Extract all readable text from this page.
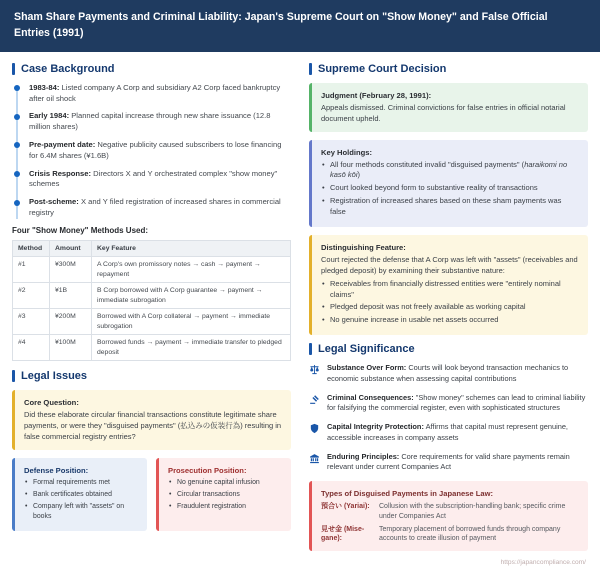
Sham Share Payments and Criminal Liability: Japan's Supreme Court on "Show Money" and False Official Entries (1991)
Case Background
1983-84: Listed company A Corp and subsidiary A2 Corp faced bankruptcy after oil shock
Early 1984: Planned capital increase through new share issuance (12.8 million shares)
Pre-payment date: Negative publicity caused subscribers to lose financing for 6.4M shares (¥1.6B)
Crisis Response: Directors X and Y orchestrated complex "show money" schemes
Post-scheme: X and Y filed registration of increased shares in commercial registry
Four "Show Money" Methods Used:
Method	Amount	Key Feature
#1	¥300M	A Corp's own promissory notes → cash → payment → repayment
#2	¥1B	B Corp borrowed with A Corp guarantee → payment → immediate subrogation
#3	¥200M	Borrowed with A Corp collateral → payment → immediate subrogation
#4	¥100M	Borrowed funds → payment → immediate transfer to pledged deposit
Legal Issues
Core Question:
Did these elaborate circular financial transactions constitute legitimate share payments, or were they "disguised payments" (払込みの仮装行為) resulting in false commercial registry entries?
Defense Position:
• Formal requirements met
• Bank certificates obtained
• Company left with "assets" on books
Prosecution Position:
• No genuine capital infusion
• Circular transactions
• Fraudulent registration
Supreme Court Decision
Judgment (February 28, 1991):
Appeals dismissed. Criminal convictions for false entries in official notarial document upheld.
Key Holdings:
• All four methods constituted invalid "disguised payments" (haraikomi no kasō kōi)
• Court looked beyond form to substantive reality of transactions
• Registration of increased shares based on these sham payments was false
Distinguishing Feature:
Court rejected the defense that A Corp was left with "assets" (receivables and pledged deposit) by examining their substantive nature:
• Receivables from financially distressed entities were "entirely nominal claims"
• Pledged deposit was not freely available as working capital
• No genuine increase in usable net assets occurred
Legal Significance
Substance Over Form: Courts will look beyond transaction mechanics to economic substance when assessing capital contributions
Criminal Consequences: "Show money" schemes can lead to criminal liability for falsifying the commercial register, even with sophisticated structures
Capital Integrity Protection: Affirms that capital must represent genuine, accessible increases in company assets
Enduring Principles: Core requirements for valid share payments remain relevant under current Companies Act
Types of Disguised Payments in Japanese Law:
預合い (Yariai):	Collusion with the subscription-handling bank; specific crime under Companies Act
見せ金 (Mise-gane):
Temporary placement of borrowed funds through company accounts to create illusion of payment
https://japancompliance.com/
